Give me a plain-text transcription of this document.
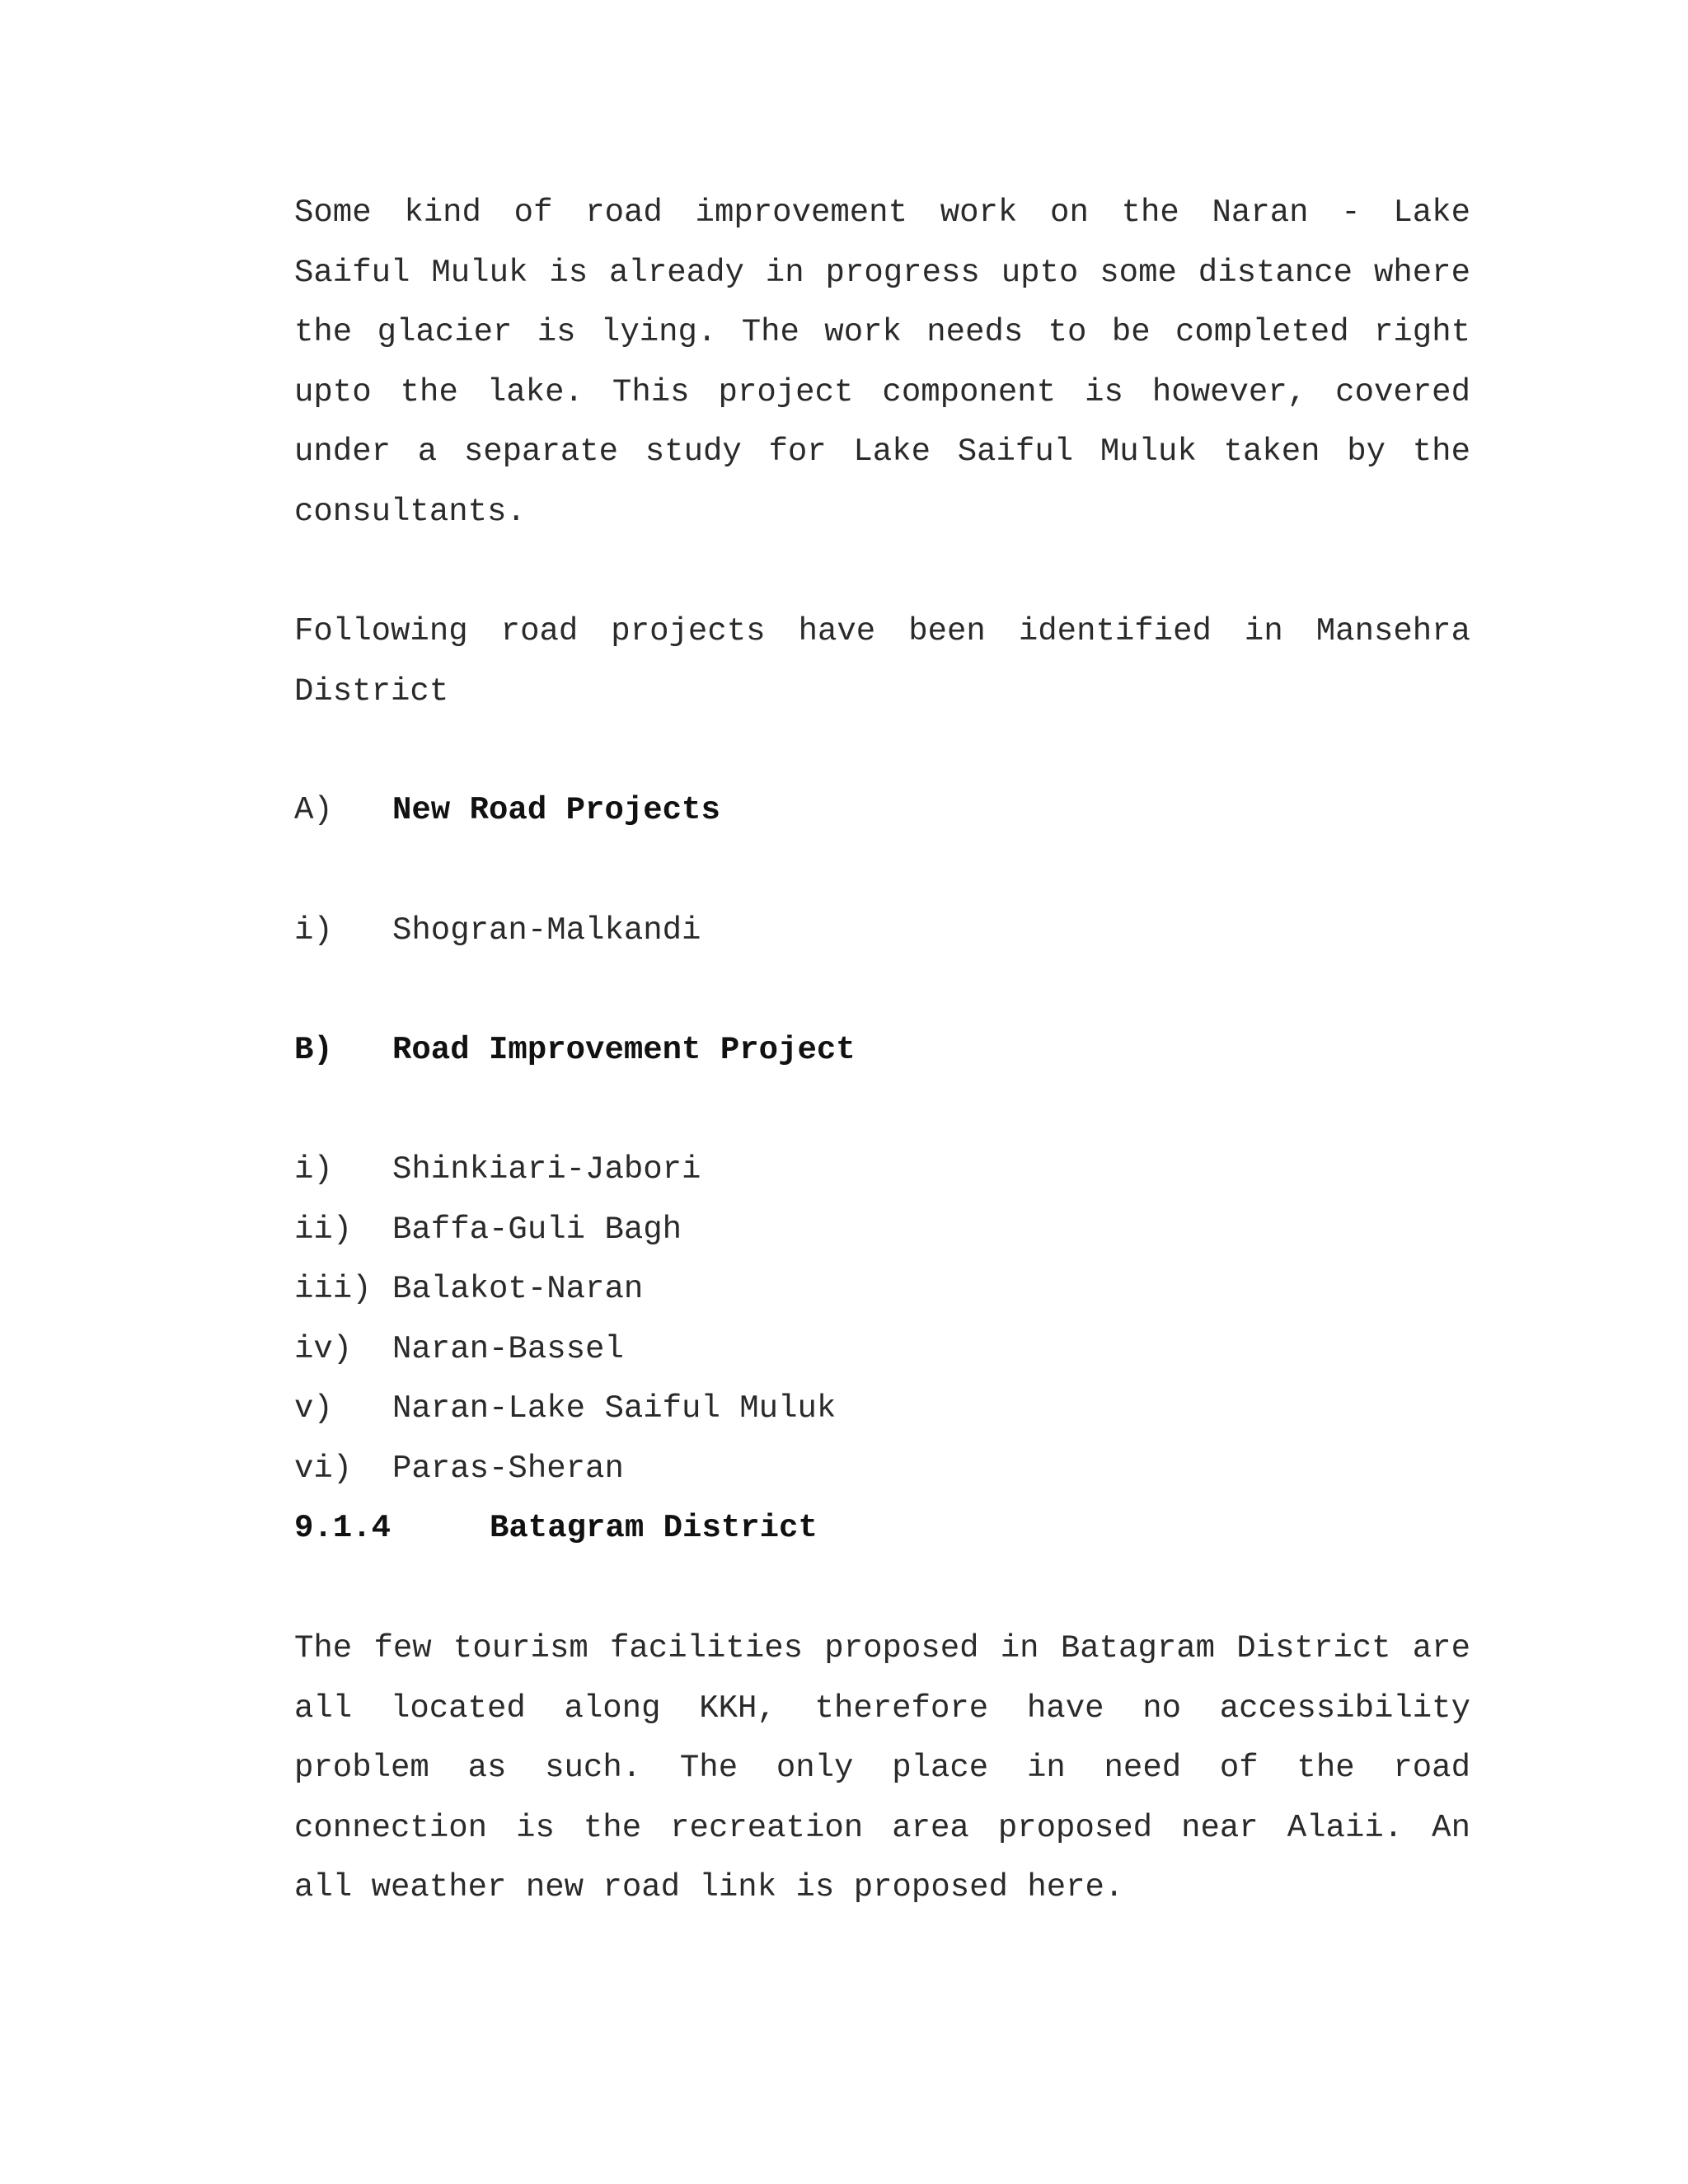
Some kind of road improvement work on the Naran - Lake Saiful Muluk is already in progress upto some distance where the glacier is lying. The work needs to be completed right upto the lake. This project component is however, covered under a separate study for Lake Saiful Muluk taken by the consultants.

Following road projects have been identified in Mansehra District

A) New Road Projects
i) Shogran-Malkandi
B) Road Improvement Project
i) Shinkiari-Jabori
ii) Baffa-Guli Bagh
iii) Balakot-Naran
iv) Naran-Bassel
v) Naran-Lake Saiful Muluk
vi) Paras-Sheran
9.1.4	Batagram District

The few tourism facilities proposed in Batagram District are all located along KKH, therefore have no accessibility problem as such. The only place in need of the road connection is the recreation area proposed near Alaii. An all weather new road link is proposed here.
